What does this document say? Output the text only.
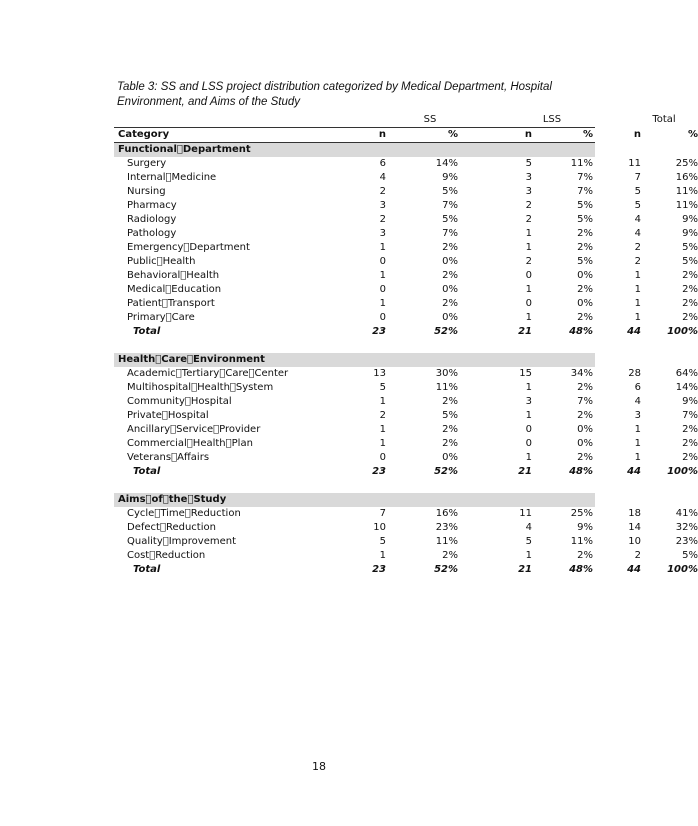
Table 3: SS and LSS project distribution categorized by Medical Department, Hospital Environment, and Aims of the Study
SS	LSS	Total
Category	n	%	n	%	n	%
Functional Department
Surgery	6	14%	5	11%	11	25%
Internal Medicine	4	9%	3	7%	7	16%
Nursing	2	5%	3	7%	5	11%
Pharmacy	3	7%	2	5%	5	11%
Radiology	2	5%	2	5%	4	9%
Pathology	3	7%	1	2%	4	9%
Emergency Department	1	2%	1	2%	2	5%
Public Health	0	0%	2	5%	2	5%
Behavioral Health	1	2%	0	0%	1	2%
Medical Education	0	0%	1	2%	1	2%
Patient Transport	1	2%	0	0%	1	2%
Primary Care	0	0%	1	2%	1	2%
Total	23	52%	21	48%	44	100%
Health Care Environment
Academic Tertiary Care Center	13	30%	15	34%	28	64%
Multihospital Health System	5	11%	1	2%	6	14%
Community Hospital	1	2%	3	7%	4	9%
Private Hospital	2	5%	1	2%	3	7%
Ancillary Service Provider	1	2%	0	0%	1	2%
Commercial Health Plan	1	2%	0	0%	1	2%
Veterans Affairs	0	0%	1	2%	1	2%
Total	23	52%	21	48%	44	100%
Aims of the Study
Cycle Time Reduction	7	16%	11	25%	18	41%
Defect Reduction	10	23%	4	9%	14	32%
Quality Improvement	5	11%	5	11%	10	23%
Cost Reduction	1	2%	1	2%	2	5%
Total	23	52%	21	48%	44	100%
18
